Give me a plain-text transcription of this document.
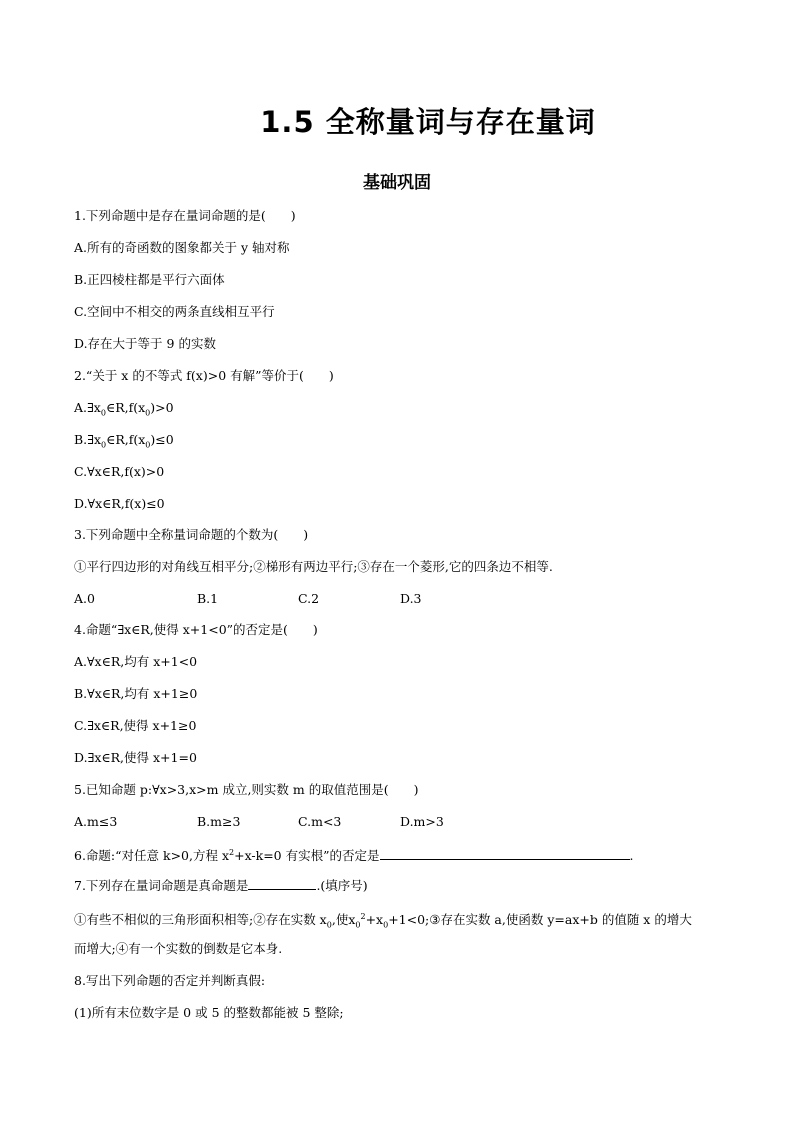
1.5 全称量词与存在量词
基础巩固
1.下列命题中是存在量词命题的是(　　)
A.所有的奇函数的图象都关于 y 轴对称
B.正四棱柱都是平行六面体
C.空间中不相交的两条直线相互平行
D.存在大于等于 9 的实数
2.“关于 x 的不等式 f(x)>0 有解”等价于(　　)
$A.\exists x_0\in R,f(x_0)>0$
$B.\exists x_0\in R,f(x_0)\le 0$
C.∀x∈R,f(x)>0
D.∀x∈R,f(x)≤0
3.下列命题中全称量词命题的个数为(　　)
①平行四边形的对角线互相平分;②梯形有两边平行;③存在一个菱形,它的四条边不相等.
A.0	B.1	C.2	D.3
4.命题“∃x∈R,使得 x+1<0”的否定是(　　)
A.∀x∈R,均有 x+1<0
B.∀x∈R,均有 x+1≥0
C.∃x∈R,使得 x+1≥0
D.∃x∈R,使得 x+1=0
5.已知命题 p:∀x>3,x>m 成立,则实数 m 的取值范围是(　　)
A.m≤3	B.m≥3	C.m<3	D.m>3
6.命题:“对任意 k>0,方程 $x^2+x-k=0$ 有实根”的否定是	.
7.下列存在量词命题是真命题是	.(填序号)
①有些不相似的三角形面积相等;②存在实数 $x_0$,使$x_0^2+x_0+1<0;③$存在实数 a,使函数 y=ax+b 的值随 x 的增大
而增大;④有一个实数的倒数是它本身.
8.写出下列命题的否定并判断真假:
(1)所有末位数字是 0 或 5 的整数都能被 5 整除;
